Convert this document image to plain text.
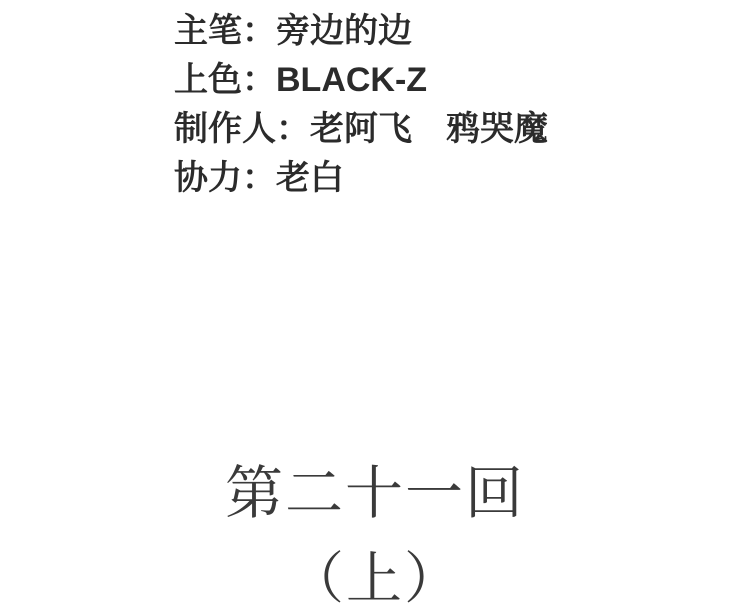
主笔：旁边的边
上色：BLACK-Z
制作人：老阿飞　鸦哭魔
协力：老白
第二十一回
（上）
